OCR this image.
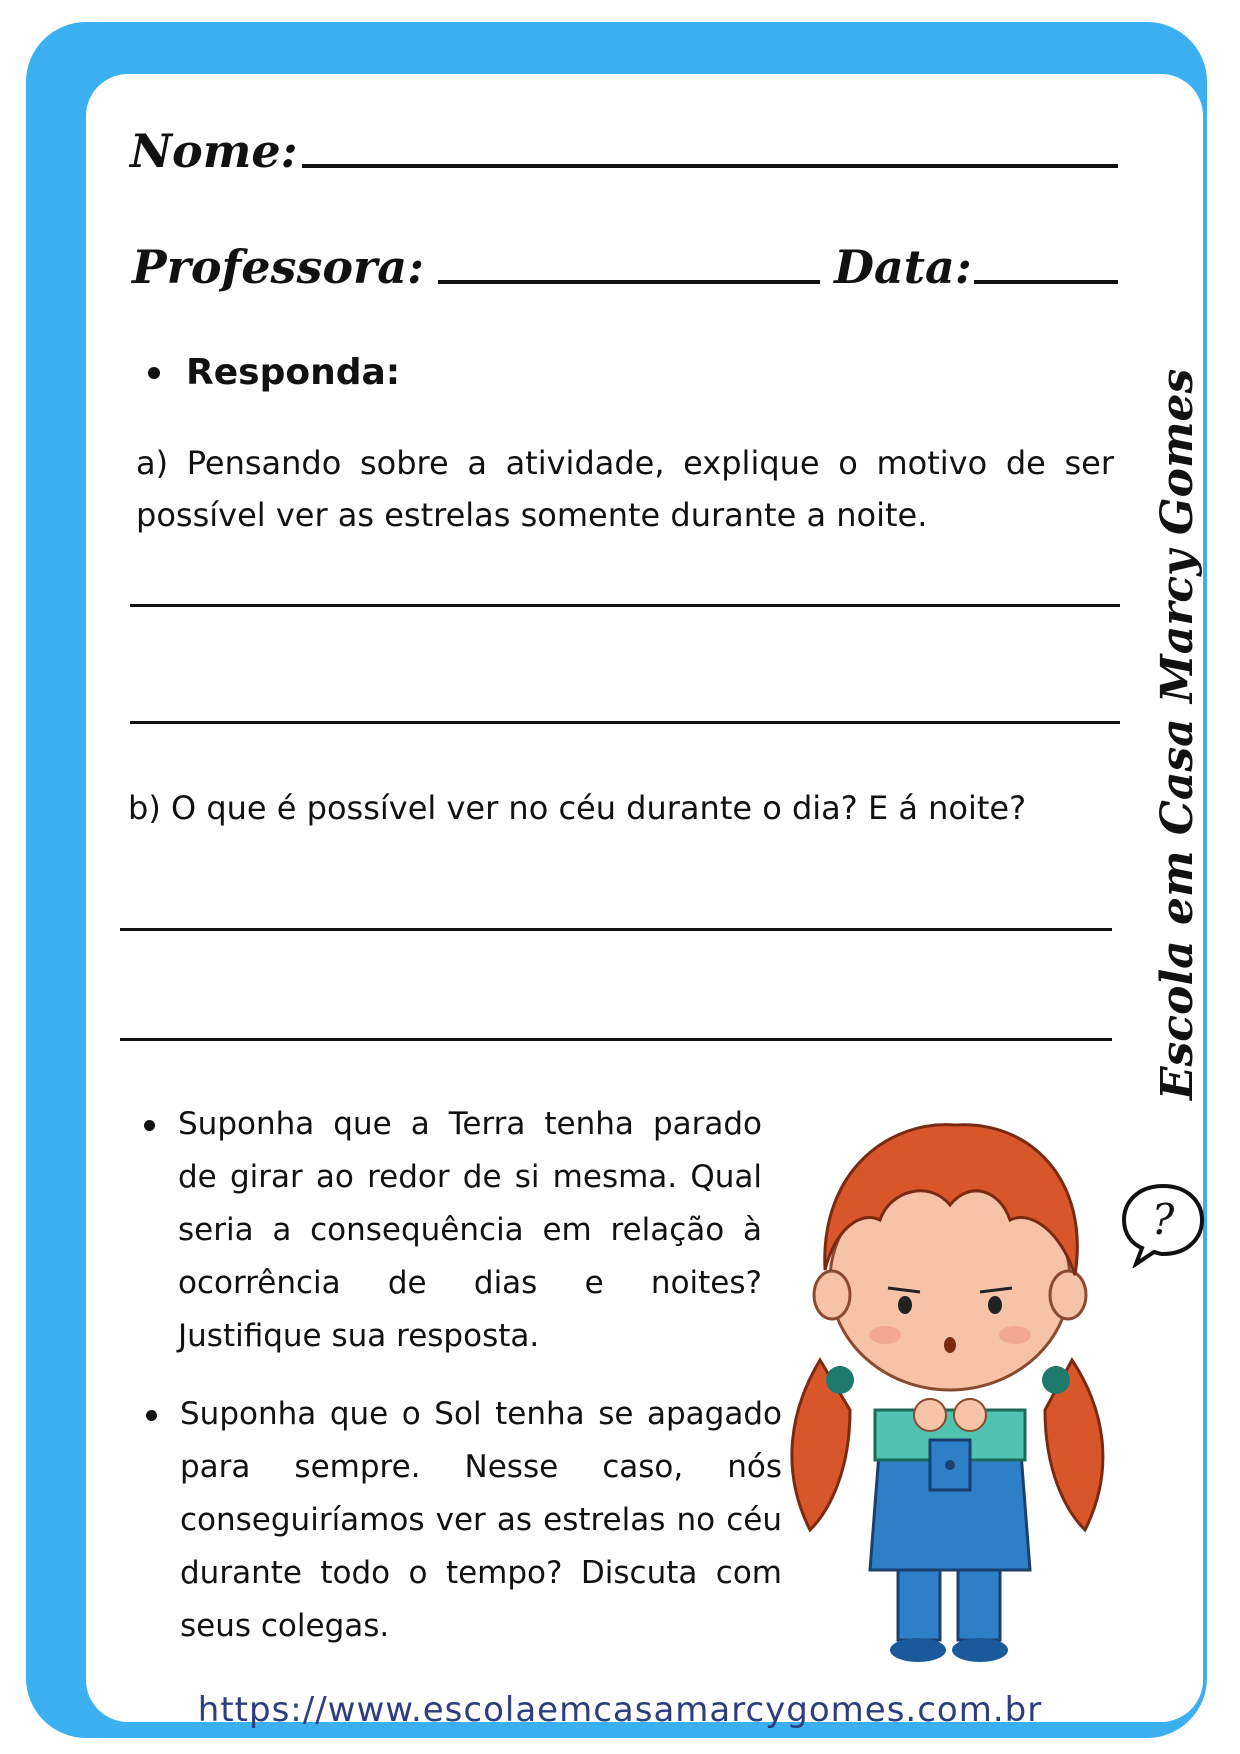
Nome:
Professora:	Data:
Responda:
a) Pensando sobre a atividade, explique o motivo de ser possível ver as estrelas somente durante a noite.
b) O que é possível ver no céu durante o dia? E á noite?
Suponha que a Terra tenha parado de girar ao redor de si mesma. Qual seria a consequência em relação à ocorrência de dias e noites? Justifique sua resposta.
Suponha que o Sol tenha se apagado para sempre. Nesse caso, nós conseguiríamos ver as estrelas no céu durante todo o tempo? Discuta com seus colegas.
?
Escola em Casa Marcy Gomes
https://www.escolaemcasamarcygomes.com.br
